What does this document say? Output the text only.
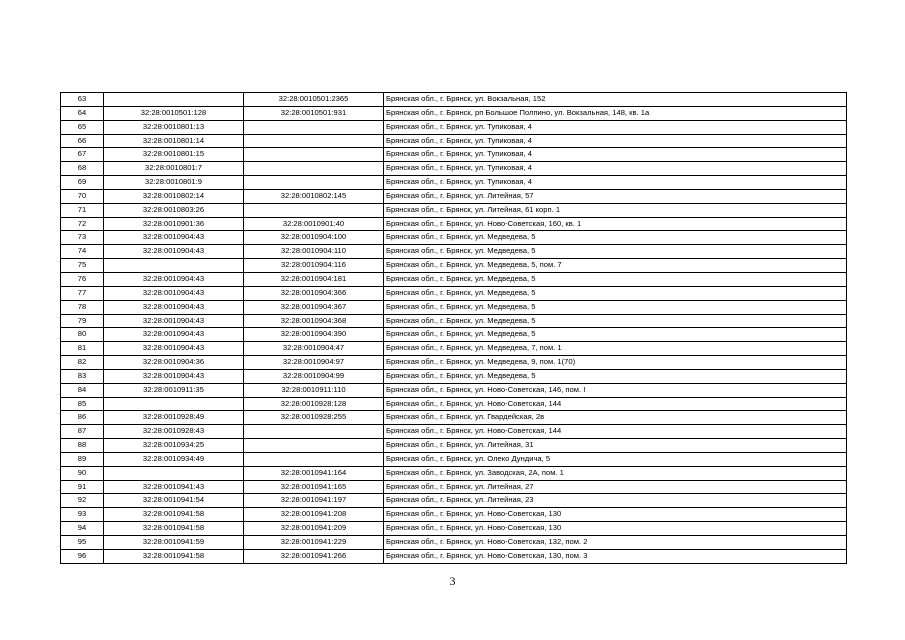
63		32:28:0010501:2365	Брянская обл., г. Брянск, ул. Вокзальная, 152
64	32:28:0010501:128	32:28:0010501:931	Брянская обл., г. Брянск, рп Большое Полпино, ул. Вокзальная, 148, кв. 1а
65	32:28:0010801:13		Брянская обл., г. Брянск, ул. Тупиковая, 4
66	32:28:0010801:14		Брянская обл., г. Брянск, ул. Тупиковая, 4
67	32:28:0010801:15		Брянская обл., г. Брянск, ул. Тупиковая, 4
68	32:28:0010801:7		Брянская обл., г. Брянск, ул. Тупиковая, 4
69	32:28:0010801:9		Брянская обл., г. Брянск, ул. Тупиковая, 4
70	32:28:0010802:14	32:28:0010802:145	Брянская обл., г. Брянск, ул. Литейная, 57
71	32:28:0010803:26		Брянская обл., г. Брянск, ул. Литейная, 61 корп. 1
72	32:28:0010901:36	32:28:0010901:40	Брянская обл., г. Брянск, ул. Ново-Советская, 160, кв. 1
73	32:28:0010904:43	32:28:0010904:100	Брянская обл., г. Брянск, ул. Медведева, 5
74	32:28:0010904:43	32:28:0010904:110	Брянская обл., г. Брянск, ул. Медведева, 5
75		32:28:0010904:116	Брянская обл., г. Брянск, ул. Медведева, 5, пом. 7
76	32:28:0010904:43	32:28:0010904:181	Брянская обл., г. Брянск, ул. Медведева, 5
77	32:28:0010904:43	32:28:0010904:366	Брянская обл., г. Брянск, ул. Медведева, 5
78	32:28:0010904:43	32:28:0010904:367	Брянская обл., г. Брянск, ул. Медведева, 5
79	32:28:0010904:43	32:28:0010904:368	Брянская обл., г. Брянск, ул. Медведева, 5
80	32:28:0010904:43	32:28:0010904:390	Брянская обл., г. Брянск, ул. Медведева, 5
81	32:28:0010904:43	32:28:0010904:47	Брянская обл., г. Брянск, ул. Медведева, 7, пом. 1
82	32:28:0010904:36	32:28:0010904:97	Брянская обл., г. Брянск, ул. Медведева, 9, пом. 1(70)
83	32:28:0010904:43	32:28:0010904:99	Брянская обл., г. Брянск, ул. Медведева, 5
84	32:28:0010911:35	32:28:0010911:110	Брянская обл., г. Брянск, ул. Ново-Советская, 146, пом. I
85		32:28:0010928:128	Брянская обл., г. Брянск, ул. Ново-Советская, 144
86	32:28:0010928:49	32:28:0010928:255	Брянская обл., г. Брянск, ул. Гвардейская, 2в
87	32:28:0010928:43		Брянская обл., г. Брянск, ул. Ново-Советская, 144
88	32:28:0010934:25		Брянская обл., г. Брянск, ул. Литейная, 31
89	32:28:0010934:49		Брянская обл., г. Брянск, ул. Олеко Дундича, 5
90		32:28:0010941:164	Брянская обл., г. Брянск, ул. Заводская, 2А, пом. 1
91	32:28:0010941:43	32:28:0010941:165	Брянская обл., г. Брянск, ул. Литейная, 27
92	32:28:0010941:54	32:28:0010941:197	Брянская обл., г. Брянск, ул. Литейная, 23
93	32:28:0010941:58	32:28:0010941:208	Брянская обл., г. Брянск, ул. Ново-Советская, 130
94	32:28:0010941:58	32:28:0010941:209	Брянская обл., г. Брянск, ул. Ново-Советская, 130
95	32:28:0010941:59	32:28:0010941:229	Брянская обл., г. Брянск, ул. Ново-Советская, 132, пом. 2
96	32:28:0010941:58	32:28:0010941:266	Брянская обл., г. Брянск, ул. Ново-Советская, 130, пом. 3
3
